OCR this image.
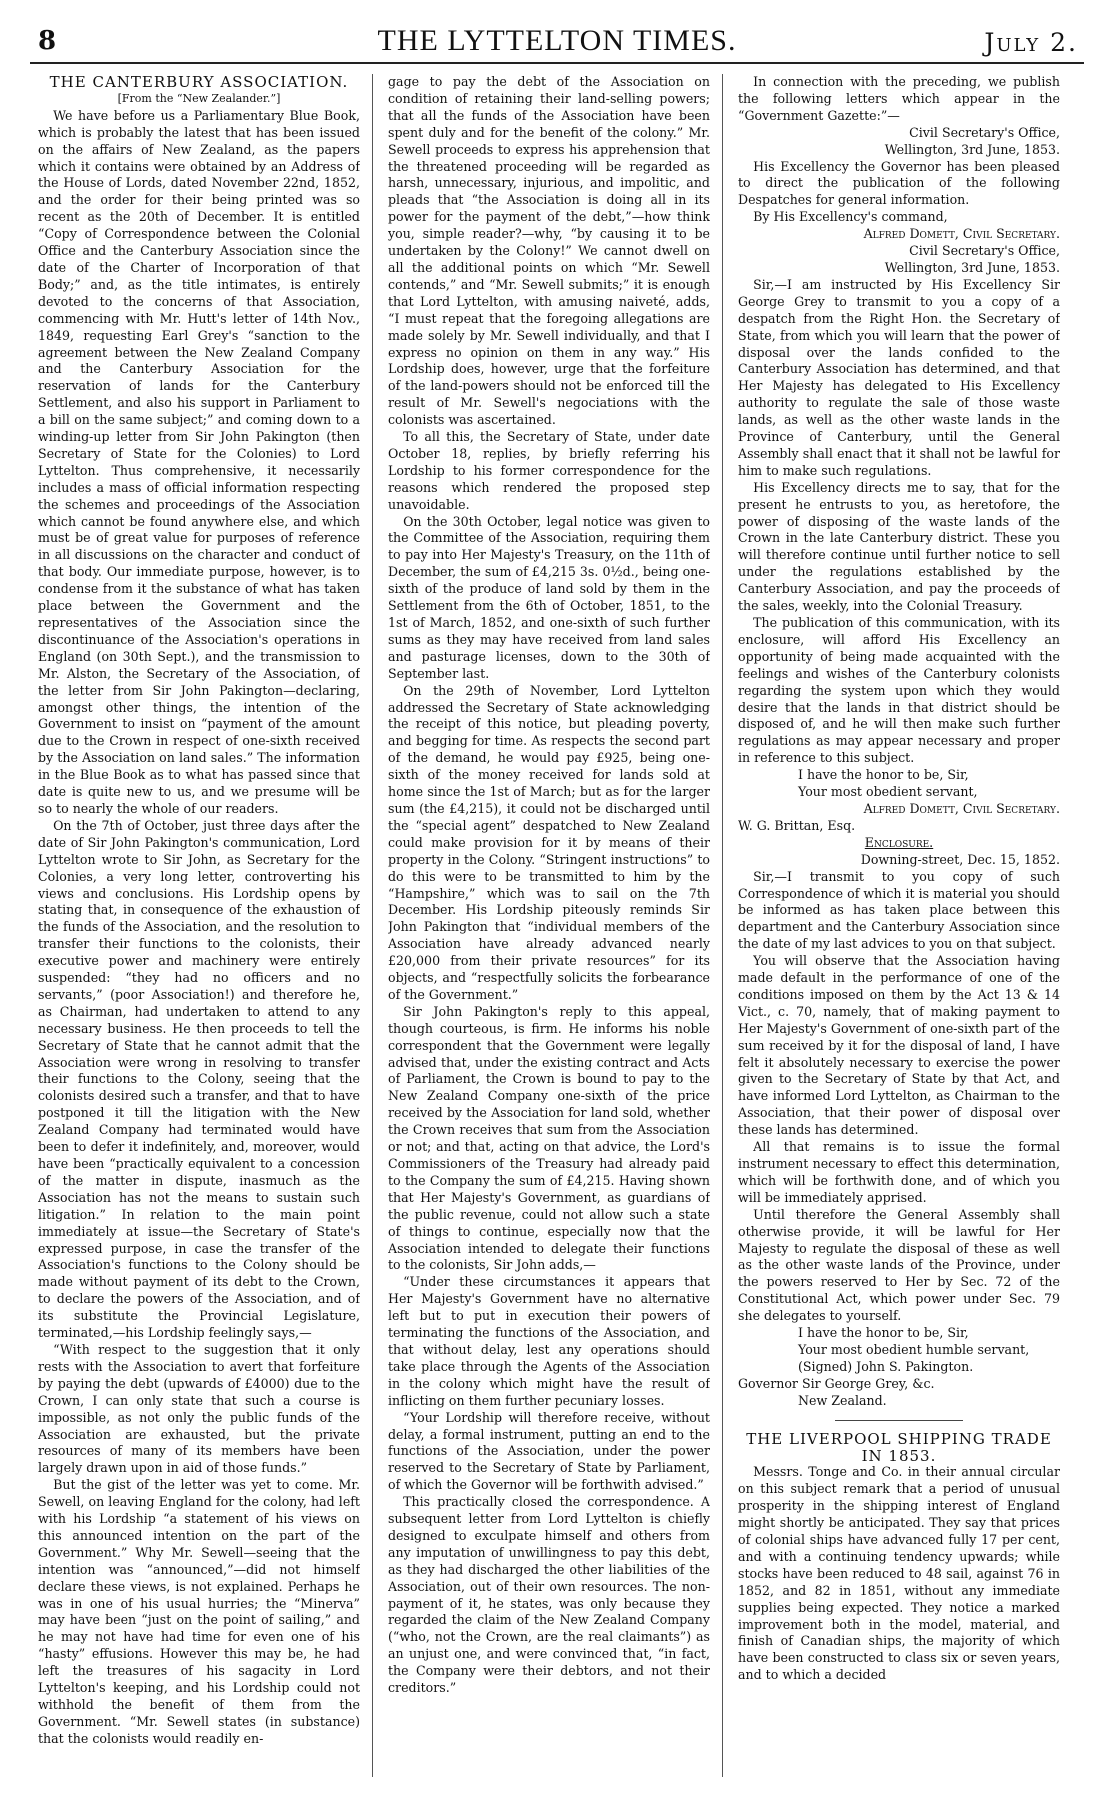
8	THE LYTTELTON TIMES.	July 2.

THE CANTERBURY ASSOCIATION.

[From the “New Zealander.”]

We have before us a Parliamentary Blue Book, which is probably the latest that has been issued on the affairs of New Zealand, as the papers which it contains were obtained by an Address of the House of Lords, dated November 22nd, 1852, and the order for their being printed was so recent as the 20th of December. It is entitled “Copy of Correspondence between the Colonial Office and the Canterbury Association since the date of the Charter of Incorporation of that Body;” and, as the title intimates, is entirely devoted to the concerns of that Association, commencing with Mr. Hutt's letter of 14th Nov., 1849, requesting Earl Grey's “sanction to the agreement between the New Zealand Company and the Canterbury Association for the reservation of lands for the Canterbury Settlement, and also his support in Parliament to a bill on the same subject;” and coming down to a winding-up letter from Sir John Pakington (then Secretary of State for the Colonies) to Lord Lyttelton. Thus comprehensive, it necessarily includes a mass of official information respecting the schemes and proceedings of the Association which cannot be found anywhere else, and which must be of great value for purposes of reference in all discussions on the character and conduct of that body. Our immediate purpose, however, is to condense from it the substance of what has taken place between the Government and the representatives of the Association since the discontinuance of the Association's operations in England (on 30th Sept.), and the transmission to Mr. Alston, the Secretary of the Association, of the letter from Sir John Pakington—declaring, amongst other things, the intention of the Government to insist on “payment of the amount due to the Crown in respect of one-sixth received by the Association on land sales.” The information in the Blue Book as to what has passed since that date is quite new to us, and we presume will be so to nearly the whole of our readers.

On the 7th of October, just three days after the date of Sir John Pakington's communication, Lord Lyttelton wrote to Sir John, as Secretary for the Colonies, a very long letter, controverting his views and conclusions. His Lordship opens by stating that, in consequence of the exhaustion of the funds of the Association, and the resolution to transfer their functions to the colonists, their executive power and machinery were entirely suspended: “they had no officers and no servants,” (poor Association!) and therefore he, as Chairman, had undertaken to attend to any necessary business. He then proceeds to tell the Secretary of State that he cannot admit that the Association were wrong in resolving to transfer their functions to the Colony, seeing that the colonists desired such a transfer, and that to have postponed it till the litigation with the New Zealand Company had terminated would have been to defer it indefinitely, and, moreover, would have been “practically equivalent to a concession of the matter in dispute, inasmuch as the Association has not the means to sustain such litigation.” In relation to the main point immediately at issue—the Secretary of State's expressed purpose, in case the transfer of the Association's functions to the Colony should be made without payment of its debt to the Crown, to declare the powers of the Association, and of its substitute the Provincial Legislature, terminated,—his Lordship feelingly says,—

“With respect to the suggestion that it only rests with the Association to avert that forfeiture by paying the debt (upwards of £4000) due to the Crown, I can only state that such a course is impossible, as not only the public funds of the Association are exhausted, but the private resources of many of its members have been largely drawn upon in aid of those funds.”

But the gist of the letter was yet to come. Mr. Sewell, on leaving England for the colony, had left with his Lordship “a statement of his views on this announced intention on the part of the Government.” Why Mr. Sewell—seeing that the intention was “announced,”—did not himself declare these views, is not explained. Perhaps he was in one of his usual hurries; the “Minerva” may have been “just on the point of sailing,” and he may not have had time for even one of his “hasty” effusions. However this may be, he had left the treasures of his sagacity in Lord Lyttelton's keeping, and his Lordship could not withhold the benefit of them from the Government. “Mr. Sewell states (in substance) that the colonists would readily en-

gage to pay the debt of the Association on condition of retaining their land-selling powers; that all the funds of the Association have been spent duly and for the benefit of the colony.” Mr. Sewell proceeds to express his apprehension that the threatened proceeding will be regarded as harsh, unnecessary, injurious, and impolitic, and pleads that “the Association is doing all in its power for the payment of the debt,”—how think you, simple reader?—why, “by causing it to be undertaken by the Colony!” We cannot dwell on all the additional points on which “Mr. Sewell contends,” and “Mr. Sewell submits;” it is enough that Lord Lyttelton, with amusing naiveté, adds, “I must repeat that the foregoing allegations are made solely by Mr. Sewell individually, and that I express no opinion on them in any way.” His Lordship does, however, urge that the forfeiture of the land-powers should not be enforced till the result of Mr. Sewell's negociations with the colonists was ascertained.

To all this, the Secretary of State, under date October 18, replies, by briefly referring his Lordship to his former correspondence for the reasons which rendered the proposed step unavoidable.

On the 30th October, legal notice was given to the Committee of the Association, requiring them to pay into Her Majesty's Treasury, on the 11th of December, the sum of £4,215 3s. 0½d., being one-sixth of the produce of land sold by them in the Settlement from the 6th of October, 1851, to the 1st of March, 1852, and one-sixth of such further sums as they may have received from land sales and pasturage licenses, down to the 30th of September last.

On the 29th of November, Lord Lyttelton addressed the Secretary of State acknowledging the receipt of this notice, but pleading poverty, and begging for time. As respects the second part of the demand, he would pay £925, being one-sixth of the money received for lands sold at home since the 1st of March; but as for the larger sum (the £4,215), it could not be discharged until the “special agent” despatched to New Zealand could make provision for it by means of their property in the Colony. “Stringent instructions” to do this were to be transmitted to him by the “Hampshire,” which was to sail on the 7th December. His Lordship piteously reminds Sir John Pakington that “individual members of the Association have already advanced nearly £20,000 from their private resources” for its objects, and “respectfully solicits the forbearance of the Government.”

Sir John Pakington's reply to this appeal, though courteous, is firm. He informs his noble correspondent that the Government were legally advised that, under the existing contract and Acts of Parliament, the Crown is bound to pay to the New Zealand Company one-sixth of the price received by the Association for land sold, whether the Crown receives that sum from the Association or not; and that, acting on that advice, the Lord's Commissioners of the Treasury had already paid to the Company the sum of £4,215. Having shown that Her Majesty's Government, as guardians of the public revenue, could not allow such a state of things to continue, especially now that the Association intended to delegate their functions to the colonists, Sir John adds,—

“Under these circumstances it appears that Her Majesty's Government have no alternative left but to put in execution their powers of terminating the functions of the Association, and that without delay, lest any operations should take place through the Agents of the Association in the colony which might have the result of inflicting on them further pecuniary losses.

“Your Lordship will therefore receive, without delay, a formal instrument, putting an end to the functions of the Association, under the power reserved to the Secretary of State by Parliament, of which the Governor will be forthwith advised.”

This practically closed the correspondence. A subsequent letter from Lord Lyttelton is chiefly designed to exculpate himself and others from any imputation of unwillingness to pay this debt, as they had discharged the other liabilities of the Association, out of their own resources. The non-payment of it, he states, was only because they regarded the claim of the New Zealand Company (“who, not the Crown, are the real claimants”) as an unjust one, and were convinced that, “in fact, the Company were their debtors, and not their creditors.”

In connection with the preceding, we publish the following letters which appear in the “Government Gazette:”—

Civil Secretary's Office,

Wellington, 3rd June, 1853.

His Excellency the Governor has been pleased to direct the publication of the following Despatches for general information.

By His Excellency's command,

Alfred Domett, Civil Secretary.

Civil Secretary's Office,

Wellington, 3rd June, 1853.

Sir,—I am instructed by His Excellency Sir George Grey to transmit to you a copy of a despatch from the Right Hon. the Secretary of State, from which you will learn that the power of disposal over the lands confided to the Canterbury Association has determined, and that Her Majesty has delegated to His Excellency authority to regulate the sale of those waste lands, as well as the other waste lands in the Province of Canterbury, until the General Assembly shall enact that it shall not be lawful for him to make such regulations.

His Excellency directs me to say, that for the present he entrusts to you, as heretofore, the power of disposing of the waste lands of the Crown in the late Canterbury district. These you will therefore continue until further notice to sell under the regulations established by the Canterbury Association, and pay the proceeds of the sales, weekly, into the Colonial Treasury.

The publication of this communication, with its enclosure, will afford His Excellency an opportunity of being made acquainted with the feelings and wishes of the Canterbury colonists regarding the system upon which they would desire that the lands in that district should be disposed of, and he will then make such further regulations as may appear necessary and proper in reference to this subject.

I have the honor to be, Sir,

Your most obedient servant,

Alfred Domett, Civil Secretary.

W. G. Brittan, Esq.

Enclosure.

Downing-street, Dec. 15, 1852.

Sir,—I transmit to you copy of such Correspondence of which it is material you should be informed as has taken place between this department and the Canterbury Association since the date of my last advices to you on that subject.

You will observe that the Association having made default in the performance of one of the conditions imposed on them by the Act 13 & 14 Vict., c. 70, namely, that of making payment to Her Majesty's Government of one-sixth part of the sum received by it for the disposal of land, I have felt it absolutely necessary to exercise the power given to the Secretary of State by that Act, and have informed Lord Lyttelton, as Chairman to the Association, that their power of disposal over these lands has determined.

All that remains is to issue the formal instrument necessary to effect this determination, which will be forthwith done, and of which you will be immediately apprised.

Until therefore the General Assembly shall otherwise provide, it will be lawful for Her Majesty to regulate the disposal of these as well as the other waste lands of the Province, under the powers reserved to Her by Sec. 72 of the Constitutional Act, which power under Sec. 79 she delegates to yourself.

I have the honor to be, Sir,

Your most obedient humble servant,

(Signed) John S. Pakington.

Governor Sir George Grey, &c.

New Zealand.

THE LIVERPOOL SHIPPING TRADE IN 1853.

Messrs. Tonge and Co. in their annual circular on this subject remark that a period of unusual prosperity in the shipping interest of England might shortly be anticipated. They say that prices of colonial ships have advanced fully 17 per cent, and with a continuing tendency upwards; while stocks have been reduced to 48 sail, against 76 in 1852, and 82 in 1851, without any immediate supplies being expected. They notice a marked improvement both in the model, material, and finish of Canadian ships, the majority of which have been constructed to class six or seven years, and to which a decided
